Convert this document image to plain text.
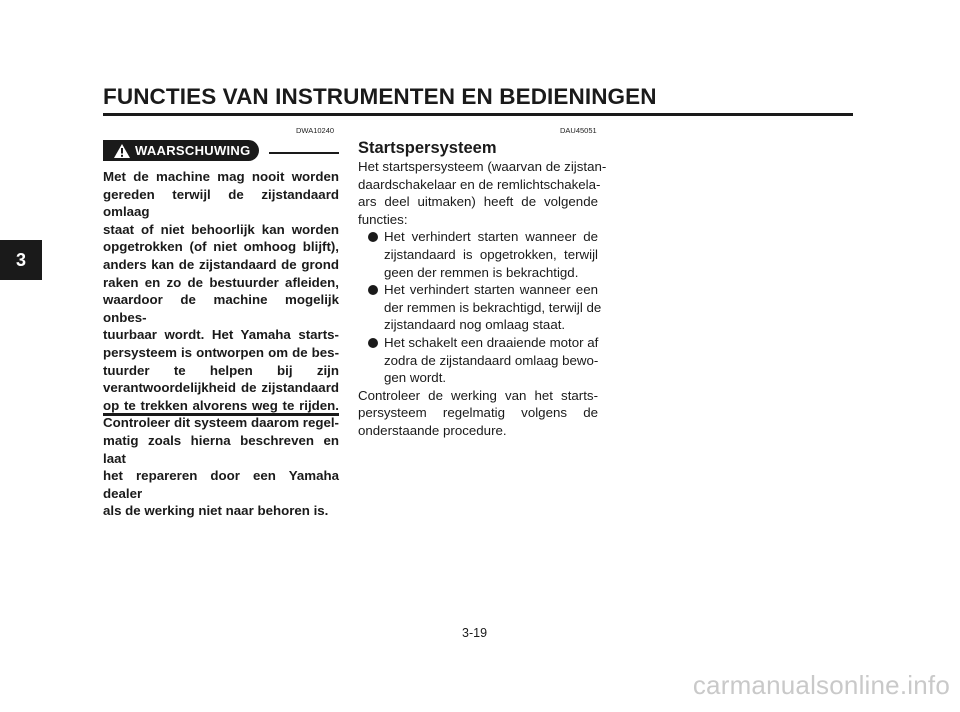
FUNCTIES VAN INSTRUMENTEN EN BEDIENINGEN
3
DWA10240
WAARSCHUWING
Met de machine mag nooit worden
gereden terwijl de zijstandaard omlaag
staat of niet behoorlijk kan worden
opgetrokken (of niet omhoog blijft),
anders kan de zijstandaard de grond
raken en zo de bestuurder afleiden,
waardoor de machine mogelijk onbes-
tuurbaar wordt. Het Yamaha starts-
persysteem is ontworpen om de bes-
tuurder te helpen bij zijn
verantwoordelijkheid de zijstandaard
op te trekken alvorens weg te rijden.
Controleer dit systeem daarom regel-
matig zoals hierna beschreven en laat
het repareren door een Yamaha dealer
als de werking niet naar behoren is.
DAU45051
Startspersysteem
Het startspersysteem (waarvan de zijstan-
daardschakelaar en de remlichtschakela-
ars deel uitmaken) heeft de volgende
functies:
Het verhindert starten wanneer de
zijstandaard is opgetrokken, terwijl
geen der remmen is bekrachtigd.
Het verhindert starten wanneer een
der remmen is bekrachtigd, terwijl de
zijstandaard nog omlaag staat.
Het schakelt een draaiende motor af
zodra de zijstandaard omlaag bewo-
gen wordt.
Controleer de werking van het starts-
persysteem regelmatig volgens de
onderstaande procedure.
3-19
carmanualsonline.info
